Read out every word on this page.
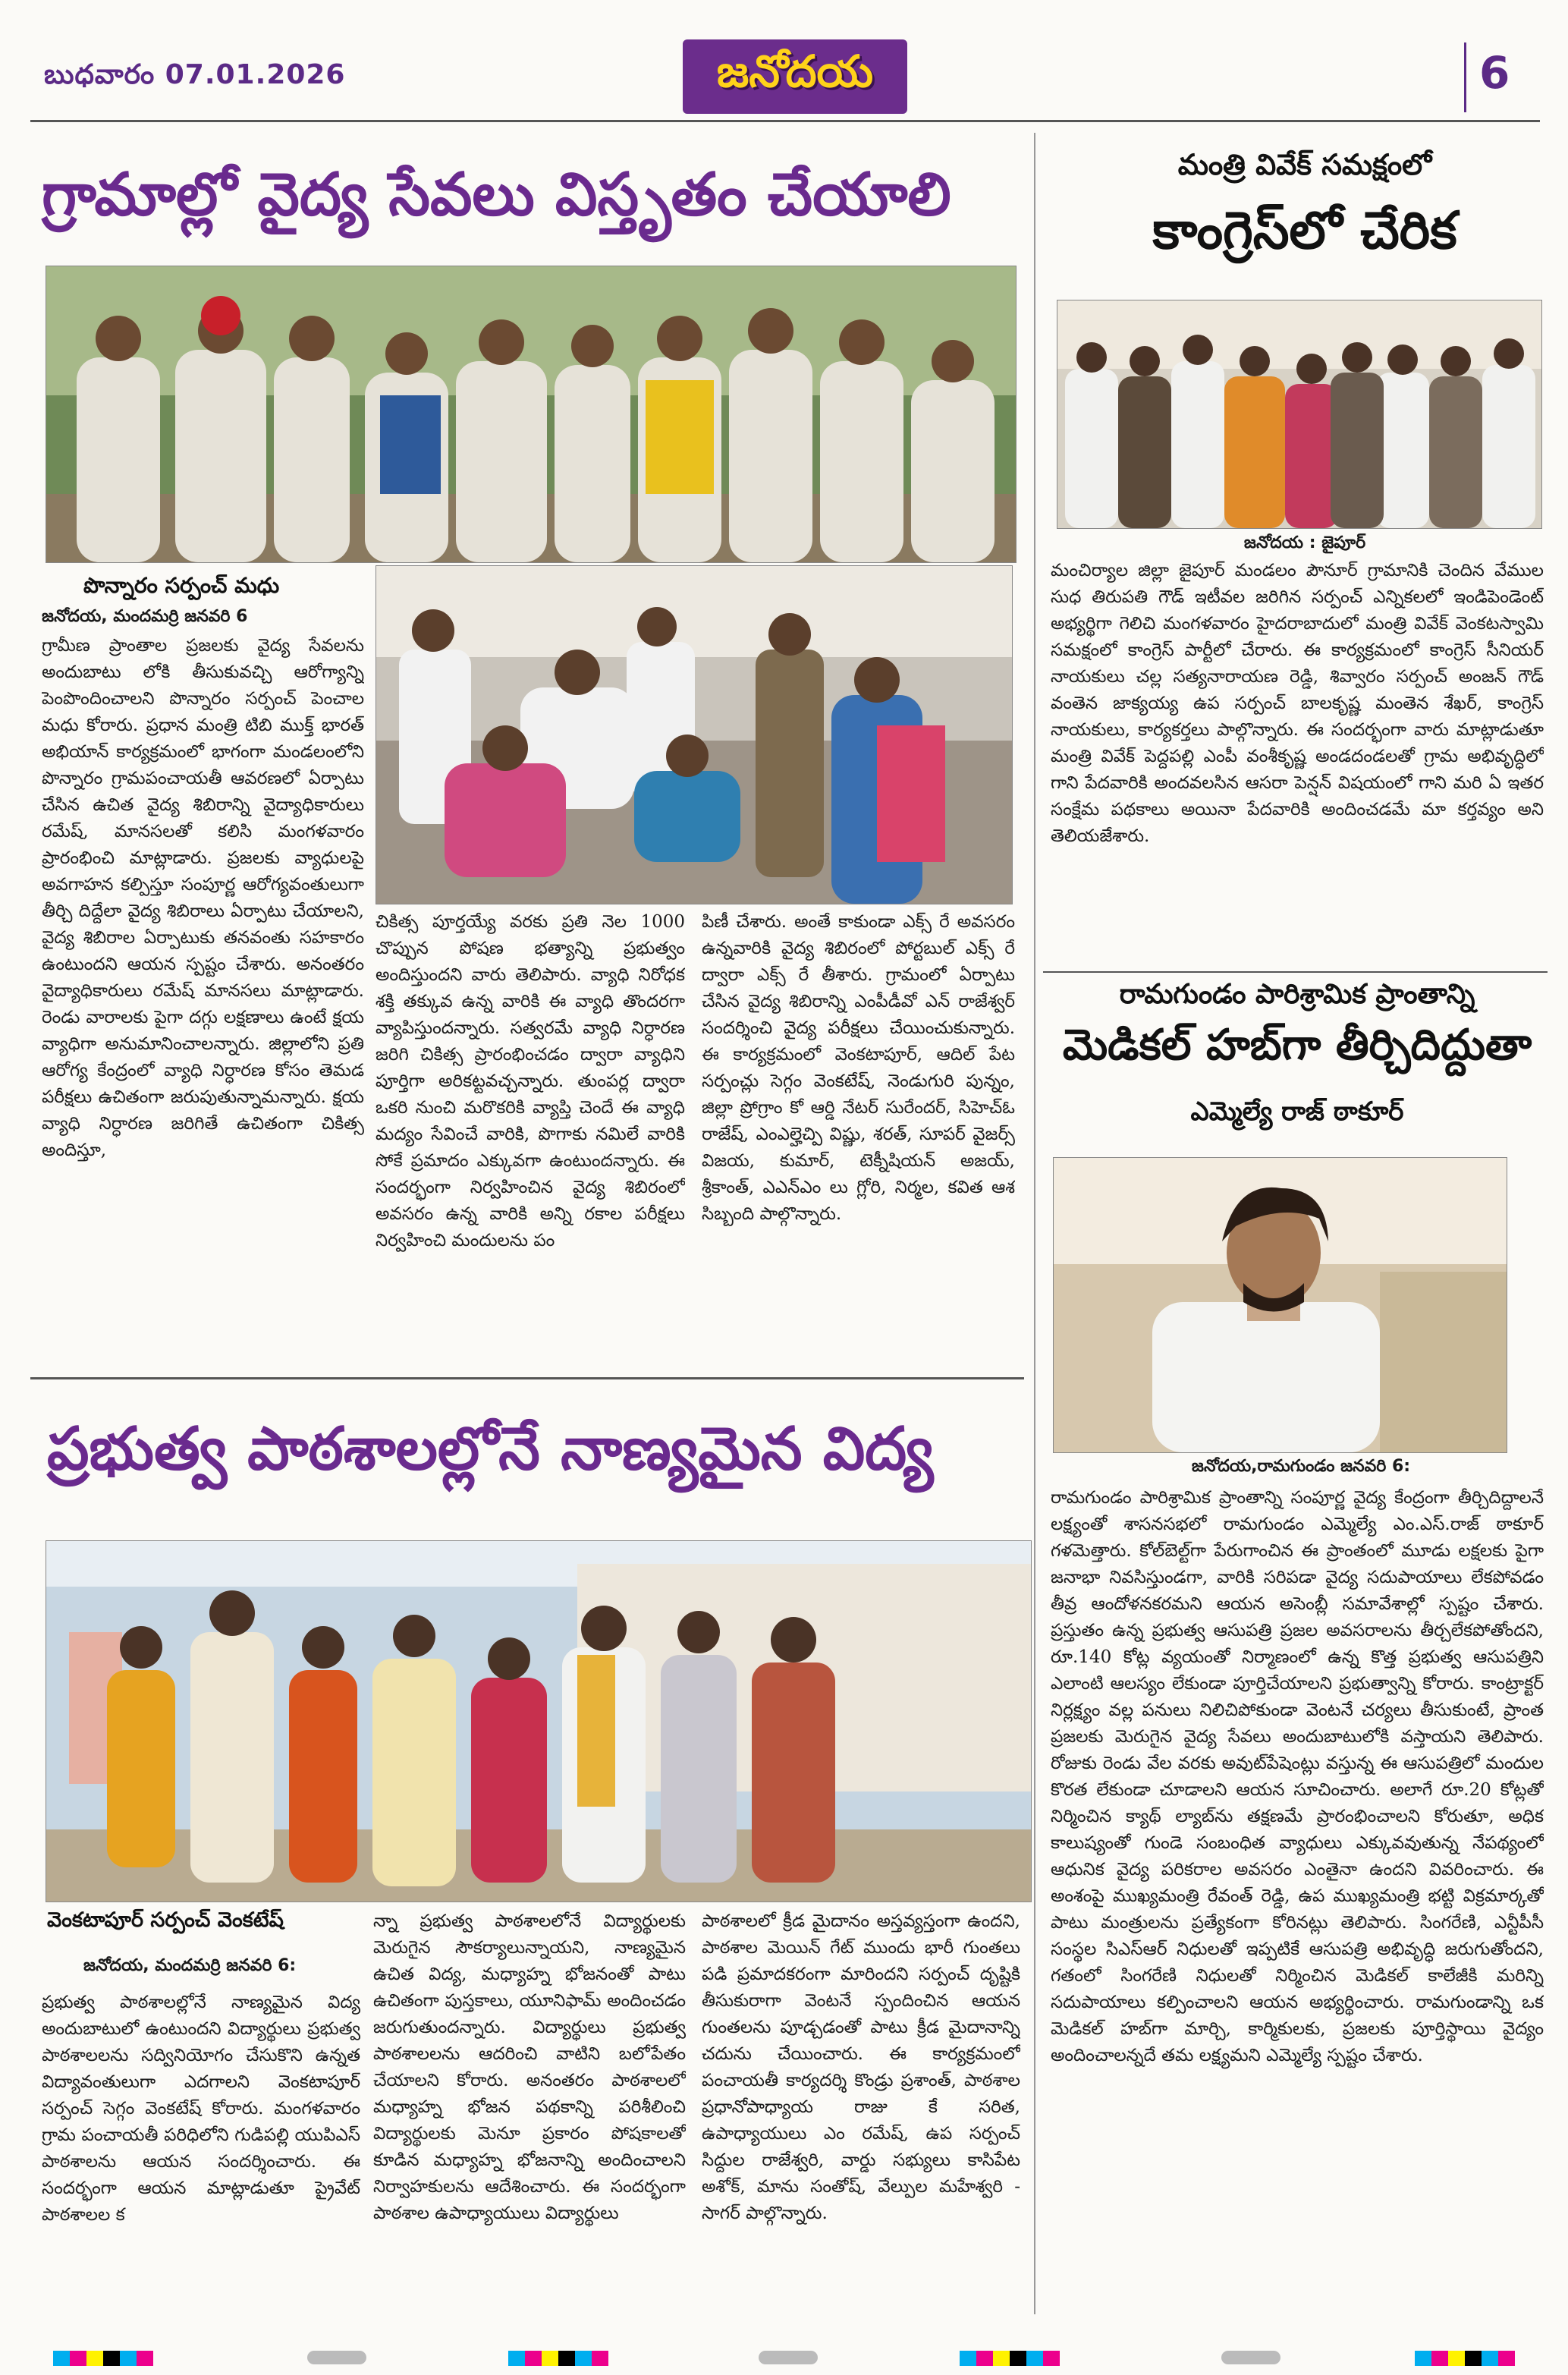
బుధవారం 07.01.2026	జనోదయ	6
గ్రామాల్లో వైద్య సేవలు విస్తృతం చేయాలి
పొన్నారం సర్పంచ్ మధు
జనోదయ, మందమర్రి జనవరి 6
గ్రామీణ ప్రాంతాల ప్రజలకు వైద్య సేవలను అందుబాటు లోకి తీసుకువచ్చి ఆరోగ్యాన్ని పెంపొందించాలని పొన్నారం సర్పంచ్ పెంచాల మధు కోరారు. ప్రధాన మంత్రి టిబి ముక్త్ భారత్ అభియాన్ కార్యక్రమంలో భాగంగా మండలంలోని పొన్నారం గ్రామపంచాయతీ ఆవరణలో ఏర్పాటు చేసిన ఉచిత వైద్య శిబిరాన్ని వైద్యాధికారులు రమేష్, మానసలతో కలిసి మంగళవారం ప్రారంభించి మాట్లాడారు. ప్రజలకు వ్యాధులపై అవగాహన కల్పిస్తూ సంపూర్ణ ఆరోగ్యవంతులుగా తీర్చి దిద్దేలా వైద్య శిబిరాలు ఏర్పాటు చేయాలని, వైద్య శిబిరాల ఏర్పాటుకు తనవంతు సహకారం ఉంటుందని ఆయన స్పష్టం చేశారు. అనంతరం వైద్యాధికారులు రమేష్ మానసలు మాట్లాడారు. రెండు వారాలకు పైగా దగ్గు లక్షణాలు ఉంటే క్షయ వ్యాధిగా అనుమానించాలన్నారు. జిల్లాలోని ప్రతి ఆరోగ్య కేంద్రంలో వ్యాధి నిర్ధారణ కోసం తెమడ పరీక్షలు ఉచితంగా జరుపుతున్నామన్నారు. క్షయ వ్యాధి నిర్ధారణ జరిగితే ఉచితంగా చికిత్స అందిస్తూ,
చికిత్స పూర్తయ్యే వరకు ప్రతి నెల 1000 చొప్పున పోషణ భత్యాన్ని ప్రభుత్వం అందిస్తుందని వారు తెలిపారు. వ్యాధి నిరోధక శక్తి తక్కువ ఉన్న వారికి ఈ వ్యాధి తొందరగా వ్యాపిస్తుందన్నారు. సత్వరమే వ్యాధి నిర్ధారణ జరిగి చికిత్స ప్రారంభించడం ద్వారా వ్యాధిని పూర్తిగా అరికట్టవచ్చన్నారు. తుంపర్ల ద్వారా ఒకరి నుంచి మరొకరికి వ్యాప్తి చెందే ఈ వ్యాధి మద్యం సేవించే వారికి, పొగాకు నమిలే వారికి సోకే ప్రమాదం ఎక్కువగా ఉంటుందన్నారు. ఈ సందర్భంగా నిర్వహించిన వైద్య శిబిరంలో అవసరం ఉన్న వారికి అన్ని రకాల పరీక్షలు నిర్వహించి మందులను పం
పిణీ చేశారు. అంతే కాకుండా ఎక్స్ రే అవసరం ఉన్నవారికి వైద్య శిబిరంలో పోర్టబుల్ ఎక్స్ రే ద్వారా ఎక్స్ రే తీశారు. గ్రామంలో ఏర్పాటు చేసిన వైద్య శిబిరాన్ని ఎంపీడీవో ఎన్ రాజేశ్వర్ సందర్శించి వైద్య పరీక్షలు చేయించుకున్నారు. ఈ కార్యక్రమంలో వెంకటాపూర్, ఆదిల్ పేట సర్పంచ్లు సెగ్గం వెంకటేష్, నెండుగురి పున్నం, జిల్లా ప్రోగ్రాం కో ఆర్డి నేటర్ సురేందర్, సిహెచ్ఓ రాజేష్, ఎంఎల్హెచ్పి విష్ణు, శరత్, సూపర్ వైజర్స్ విజయ, కుమార్, టెక్నీషియన్ అజయ్, శ్రీకాంత్, ఎఎన్ఎం లు గ్లోరి, నిర్మల, కవిత ఆశ సిబ్బంది పాల్గొన్నారు.
ప్రభుత్వ పాఠశాలల్లోనే నాణ్యమైన విద్య
వెంకటాపూర్ సర్పంచ్ వెంకటేష్
జనోదయ, మందమర్రి జనవరి 6:
ప్రభుత్వ పాఠశాలల్లోనే నాణ్యమైన విద్య అందుబాటులో ఉంటుందని విద్యార్థులు ప్రభుత్వ పాఠశాలలను సద్వినియోగం చేసుకొని ఉన్నత విద్యావంతులుగా ఎదగాలని వెంకటాపూర్ సర్పంచ్ సెగ్గం వెంకటేష్ కోరారు. మంగళవారం గ్రామ పంచాయతీ పరిధిలోని గుడిపల్లి యుపిఎస్ పాఠశాలను ఆయన సందర్శించారు. ఈ సందర్భంగా ఆయన మాట్లాడుతూ ప్రైవేట్ పాఠశాలల క
న్నా ప్రభుత్వ పాఠశాలలోనే విద్యార్థులకు మెరుగైన సౌకర్యాలున్నాయని, నాణ్యమైన ఉచిత విద్య, మధ్యాహ్న భోజనంతో పాటు ఉచితంగా పుస్తకాలు, యూనిఫామ్ అందించడం జరుగుతుందన్నారు. విద్యార్థులు ప్రభుత్వ పాఠశాలలను ఆదరించి వాటిని బలోపేతం చేయాలని కోరారు. అనంతరం పాఠశాలలో మధ్యాహ్న భోజన పథకాన్ని పరిశీలించి విద్యార్థులకు మెనూ ప్రకారం పోషకాలతో కూడిన మధ్యాహ్న భోజనాన్ని అందించాలని నిర్వాహకులను ఆదేశించారు. ఈ సందర్భంగా పాఠశాల ఉపాధ్యాయులు విద్యార్థులు
పాఠశాలలో క్రీడ మైదానం అస్తవ్యస్తంగా ఉందని, పాఠశాల మెయిన్ గేట్ ముందు భారీ గుంతలు పడి ప్రమాదకరంగా మారిందని సర్పంచ్ దృష్టికి తీసుకురాగా వెంటనే స్పందించిన ఆయన గుంతలను పూడ్చడంతో పాటు క్రీడ మైదానాన్ని చదును చేయించారు. ఈ కార్యక్రమంలో పంచాయతీ కార్యదర్శి కొండ్రు ప్రశాంత్, పాఠశాల ప్రధానోపాధ్యాయ రాజు కే సరిత, ఉపాధ్యాయులు ఎం రమేష్, ఉప సర్పంచ్ సిద్దుల రాజేశ్వరి, వార్డు సభ్యులు కాసిపేట అశోక్, మాను సంతోష్, వేల్పుల మహేశ్వరి - సాగర్ పాల్గొన్నారు.
మంత్రి వివేక్ సమక్షంలో
కాంగ్రెస్‌లో చేరిక
జనోదయ : జైపూర్
మంచిర్యాల జిల్లా జైపూర్ మండలం పౌనూర్ గ్రామానికి చెందిన వేముల సుధ తిరుపతి గౌడ్ ఇటీవల జరిగిన సర్పంచ్ ఎన్నికలలో ఇండిపెండెంట్ అభ్యర్థిగా గెలిచి మంగళవారం హైదరాబాదులో మంత్రి వివేక్ వెంకటస్వామి సమక్షంలో కాంగ్రెస్ పార్టీలో చేరారు. ఈ కార్యక్రమంలో కాంగ్రెస్ సీనియర్ నాయకులు చల్ల సత్యనారాయణ రెడ్డి, శివ్వారం సర్పంచ్ అంజన్ గౌడ్ వంతెన జాక్యయ్య ఉప సర్పంచ్ బాలకృష్ణ మంతెన శేఖర్, కాంగ్రెస్ నాయకులు, కార్యకర్తలు పాల్గొన్నారు. ఈ సందర్భంగా వారు మాట్లాడుతూ మంత్రి వివేక్ పెద్దపల్లి ఎంపీ వంశీకృష్ణ అండదండలతో గ్రామ అభివృద్ధిలో గాని పేదవారికి అందవలసిన ఆసరా పెన్షన్ విషయంలో గాని మరి ఏ ఇతర సంక్షేమ పథకాలు అయినా పేదవారికి అందించడమే మా కర్తవ్యం అని తెలియజేశారు.
రామగుండం పారిశ్రామిక ప్రాంతాన్ని
మెడికల్ హబ్‌గా తీర్చిదిద్దుతా
ఎమ్మెల్యే రాజ్ ఠాకూర్
జనోదయ,రామగుండం జనవరి 6:
రామగుండం పారిశ్రామిక ప్రాంతాన్ని సంపూర్ణ వైద్య కేంద్రంగా తీర్చిదిద్దాలనే లక్ష్యంతో శాసనసభలో రామగుండం ఎమ్మెల్యే ఎం.ఎస్.రాజ్ ఠాకూర్ గళమెత్తారు. కోల్‌బెల్ట్‌గా పేరుగాంచిన ఈ ప్రాంతంలో మూడు లక్షలకు పైగా జనాభా నివసిస్తుండగా, వారికి సరిపడా వైద్య సదుపాయాలు లేకపోవడం తీవ్ర ఆందోళనకరమని ఆయన అసెంబ్లీ సమావేశాల్లో స్పష్టం చేశారు. ప్రస్తుతం ఉన్న ప్రభుత్వ ఆసుపత్రి ప్రజల అవసరాలను తీర్చలేకపోతోందని, రూ.140 కోట్ల వ్యయంతో నిర్మాణంలో ఉన్న కొత్త ప్రభుత్వ ఆసుపత్రిని ఎలాంటి ఆలస్యం లేకుండా పూర్తిచేయాలని ప్రభుత్వాన్ని కోరారు. కాంట్రాక్టర్ నిర్లక్ష్యం వల్ల పనులు నిలిచిపోకుండా వెంటనే చర్యలు తీసుకుంటే, ప్రాంత ప్రజలకు మెరుగైన వైద్య సేవలు అందుబాటులోకి వస్తాయని తెలిపారు. రోజుకు రెండు వేల వరకు అవుట్‌పేషెంట్లు వస్తున్న ఈ ఆసుపత్రిలో మందుల కొరత లేకుండా చూడాలని ఆయన సూచించారు. అలాగే రూ.20 కోట్లతో నిర్మించిన క్యాథ్ ల్యాబ్‌ను తక్షణమే ప్రారంభించాలని కోరుతూ, అధిక కాలుష్యంతో గుండె సంబంధిత వ్యాధులు ఎక్కువవుతున్న నేపథ్యంలో ఆధునిక వైద్య పరికరాల అవసరం ఎంతైనా ఉందని వివరించారు. ఈ అంశంపై ముఖ్యమంత్రి రేవంత్ రెడ్డి, ఉప ముఖ్యమంత్రి భట్టి విక్రమార్కతో పాటు మంత్రులను ప్రత్యేకంగా కోరినట్లు తెలిపారు. సింగరేణి, ఎన్టీపీసీ సంస్థల సిఎస్ఆర్ నిధులతో ఇప్పటికే ఆసుపత్రి అభివృద్ధి జరుగుతోందని, గతంలో సింగరేణి నిధులతో నిర్మించిన మెడికల్ కాలేజీకి మరిన్ని సదుపాయాలు కల్పించాలని ఆయన అభ్యర్థించారు. రామగుండాన్ని ఒక మెడికల్ హబ్‌గా మార్చి, కార్మికులకు, ప్రజలకు పూర్తిస్థాయి వైద్యం అందించాలన్నదే తమ లక్ష్యమని ఎమ్మెల్యే స్పష్టం చేశారు.
